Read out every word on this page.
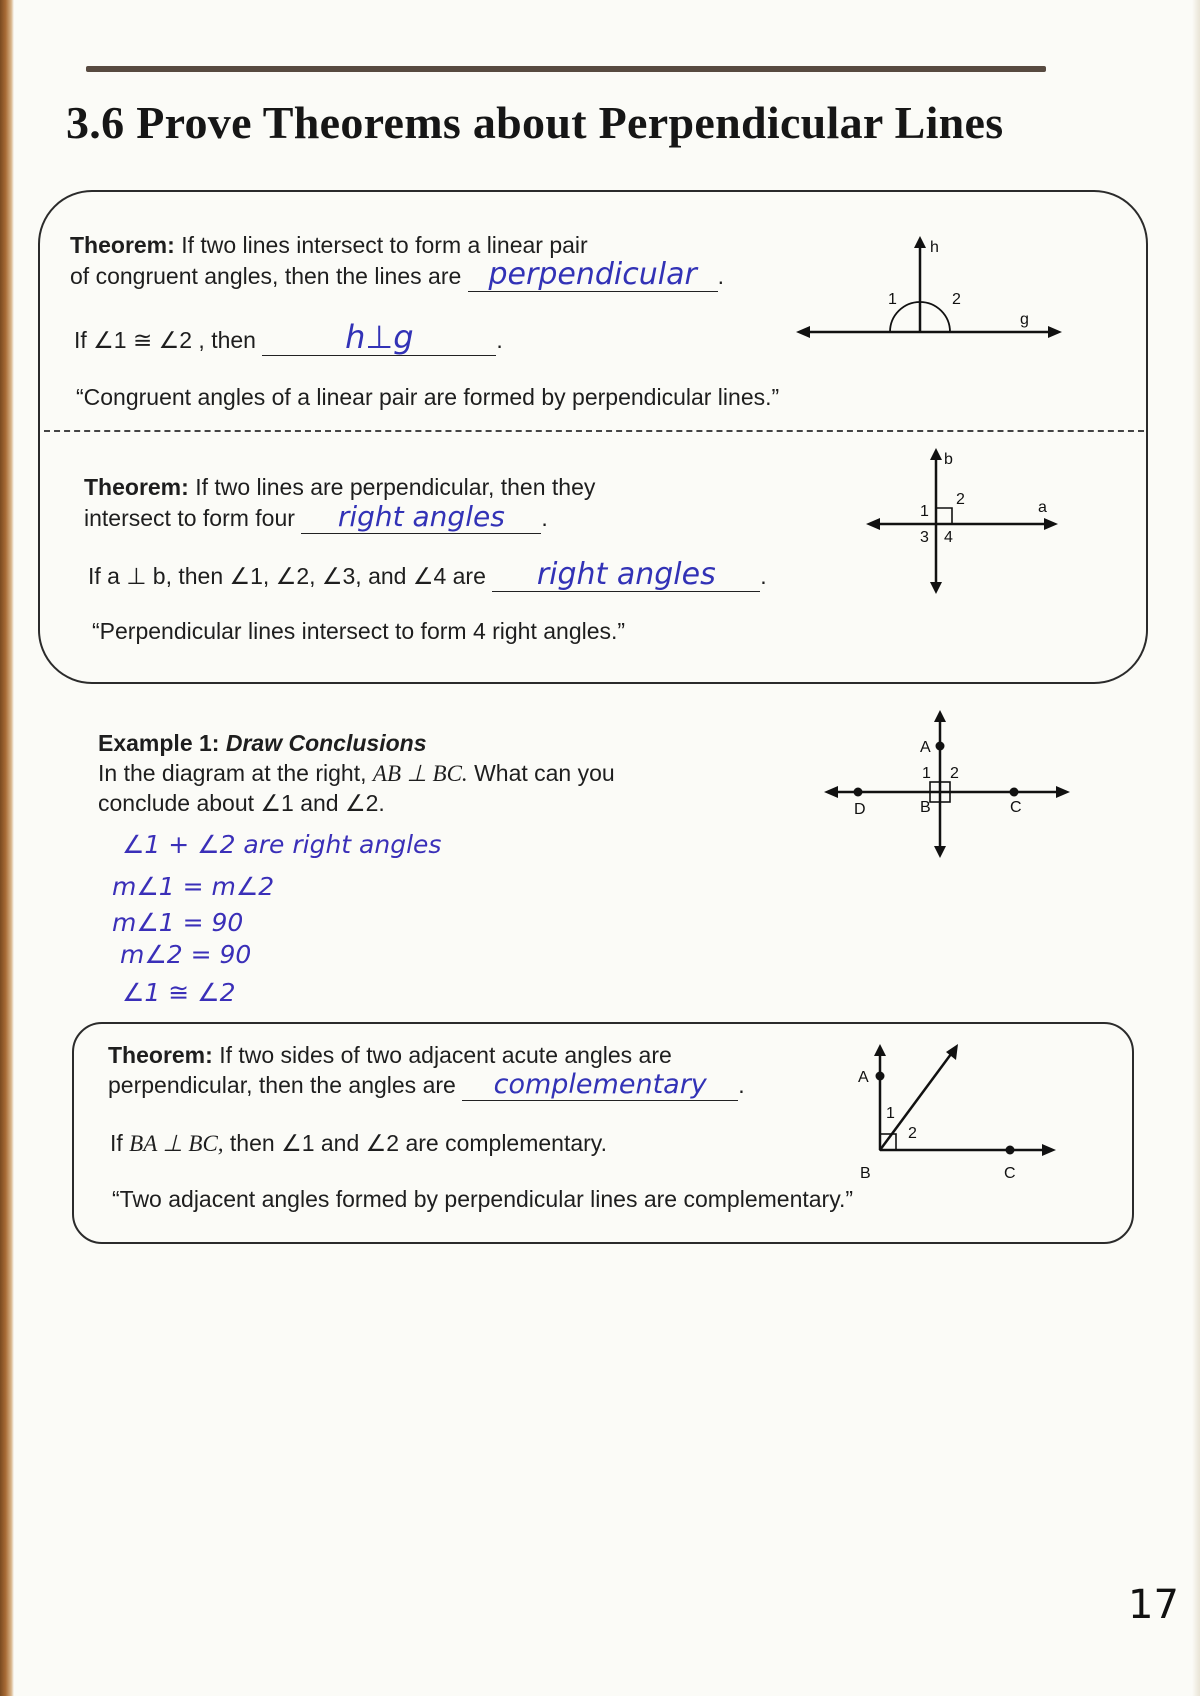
3.6 Prove Theorems about Perpendicular Lines
Theorem: If two lines intersect to form a linear pair
of congruent angles, then the lines are perpendicular .
If ∠1 ≅ ∠2 , then	h⊥g	.
“Congruent angles of a linear pair are formed by perpendicular lines.”
1	2
h
g
Theorem: If two lines are perpendicular, then they
intersect to form four right angles .
If a ⊥ b, then ∠1, ∠2, ∠3, and ∠4 are right angles .
“Perpendicular lines intersect to form 4 right angles.”
1
2
3 4
a
b
Example 1: Draw Conclusions
In the diagram at the right, AB ⊥ BC. What can you
conclude about ∠1 and ∠2.
∠1 + ∠2 are right angles
m∠1 = m∠2
m∠1 = 90
m∠2 = 90
∠1 ≅ ∠2
A
B	C
D
1 2
Theorem: If two sides of two adjacent acute angles are
perpendicular, then the angles are complementary .
If BA ⊥ BC, then ∠1 and ∠2 are complementary.
“Two adjacent angles formed by perpendicular lines are complementary.”
A
B	C
1
2
17
